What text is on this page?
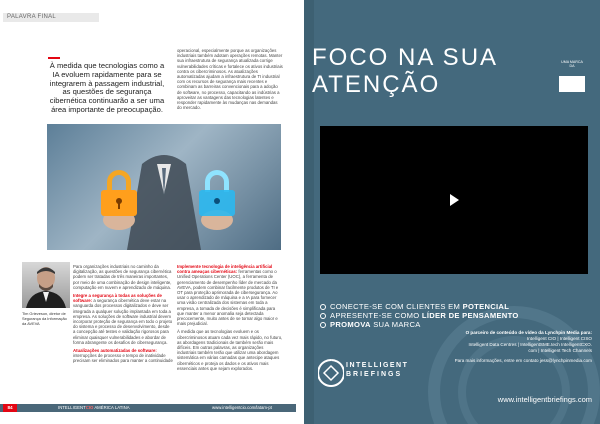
PALAVRA FINAL
À medida que tecnologias como a IA evoluem rapidamente para se integrarem à passagem industrial, as questões de segurança cibernética continuarão a ser uma área importante de preocupação.
operacional, especialmente porque as organizações industriais também adotam operações remotas. Manter sua infraestrutura de segurança atualizada corrige vulnerabilidades críticas e fortalece os ativos industriais contra os cibercriminosos. As atualizações automatizadas ajudam a infraestrutura de TI industrial com os recursos de segurança mais recentes e combinam as barreiras convencionais para a adoção de software, no processo, capacitando as indústrias a aproveitar as vantagens das tecnologias latentes e responder rapidamente às mudanças nas demandas do mercado.
Tim Grieveson, diretor de Segurança da Informação da AVEVA

Para organizações industriais no caminho da digitalização, as questões de segurança cibernética podem ser tratadas de três maneiras importantes, por meio de uma combinação de design inteligente, computação em nuvem e aprendizado de máquina.

Integre a segurança à todas as soluções de software: a segurança cibernética deve estar na vanguarda dos processos digitalizados e deve ser integrada a qualquer solução implantada em toda a empresa. As soluções de software industrial devem incorporar proteção de segurança em todo o projeto do sistema e processo de desenvolvimento, desde a concepção até testes e validação rigorosos para eliminar quaisquer vulnerabilidades e abordar de forma abrangente os desafios de cibersegurança.

Atualizações automatizadas de software: interrupções de processo e tempo de inatividade precisam ser eliminados para manter a continuidade

Implemente tecnologia de inteligência artificial contra ameaças cibernéticas: ferramentas como o Unified Operations Center (UOC), a ferramenta de gerenciamento de desempenho líder de mercado da AVEVA, podem combinar facilmente produtos de TI e OT para proteção aprimorada de cibersegurança. Ao usar o aprendizado de máquina e a IA para fornecer uma visão centralizada dos sistemas em toda a empresa, a tomada de decisões é simplificada para que manter a menor anomalia seja detectada precocemente, muito antes de se tornar algo maior e mais prejudicial.

À medida que as tecnologias evoluem e os cibercriminosos atuam cada vez mais rápido, no futuro, as abordagens tradicionais de também serão mais difíceis. Em outras palavras, as organizações industriais também terão que utilizar uma abordagem sistemática em várias camadas que antecipe ataques cibernéticos e proteja os dados e os ativos mais essenciais antes que sejam explorados.

INTELLIGENTCIO AMÉRICA LATINA	www.intelligentcio.com/latam-pt
84
FOCO NA SUA
ATENÇÃO
UMA MARCA DA
CONECTE-SE COM CLIENTES EM POTENCIAL
APRESENTE-SE COMO LÍDER DE PENSAMENTO
PROMOVA SUA MARCA
INTELLIGENT
BRIEFINGS
O parceiro de conteúdo de vídeo da Lynchpin Media para:
Intelligent CIO | Intelligent CISO
Intelligent Data Centres | IntelligentSME.tech IntelligentCXO.
com | Intelligent Tech Channels
Para mais informações, entre em contato jess@lynchpinmedia.com
www.intelligentbriefings.com
